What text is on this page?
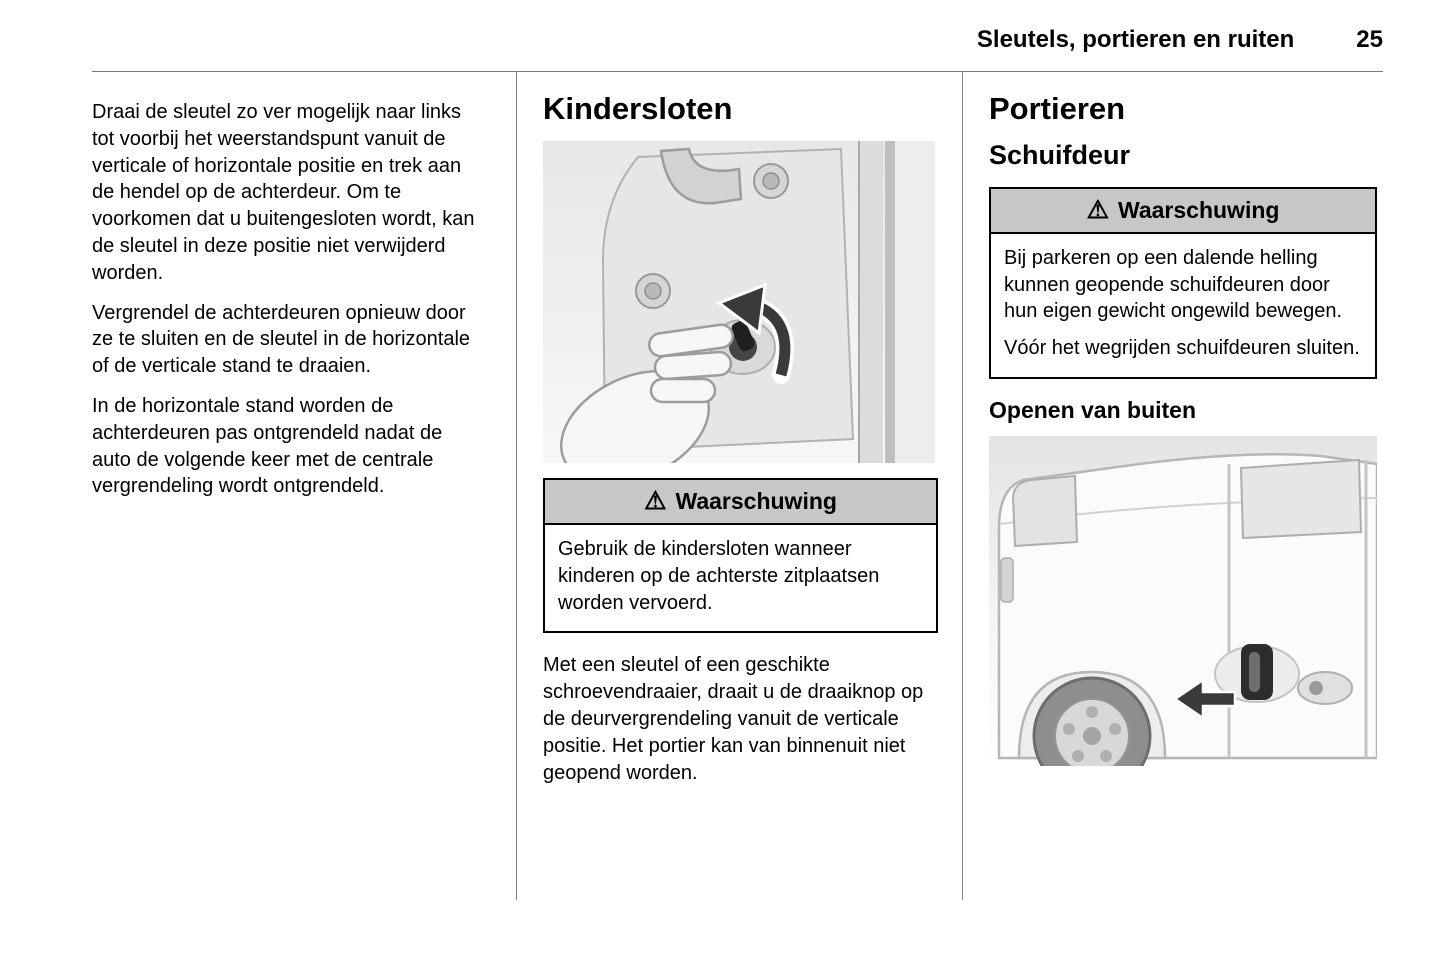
Sleutels, portieren en ruiten	25

Draai de sleutel zo ver mogelijk naar links tot voorbij het weerstandspunt vanuit de verticale of horizontale positie en trek aan de hendel op de achterdeur. Om te voorkomen dat u buitengesloten wordt, kan de sleutel in deze positie niet verwijderd worden.

Vergrendel de achterdeuren opnieuw door ze te sluiten en de sleutel in de horizontale of de verticale stand te draaien.

In de horizontale stand worden de achterdeuren pas ontgrendeld nadat de auto de volgende keer met de centrale vergrendeling wordt ontgrendeld.

Kindersloten
⚠ Waarschuwing

Gebruik de kindersloten wanneer kinderen op de achterste zitplaatsen worden vervoerd.

Met een sleutel of een geschikte schroevendraaier, draait u de draaiknop op de deurvergrendeling vanuit de verticale positie. Het portier kan van binnenuit niet geopend worden.

Portieren
Schuifdeur
⚠ Waarschuwing

Bij parkeren op een dalende helling kunnen geopende schuifdeuren door hun eigen gewicht ongewild bewegen.

Vóór het wegrijden schuifdeuren sluiten.

Openen van buiten
